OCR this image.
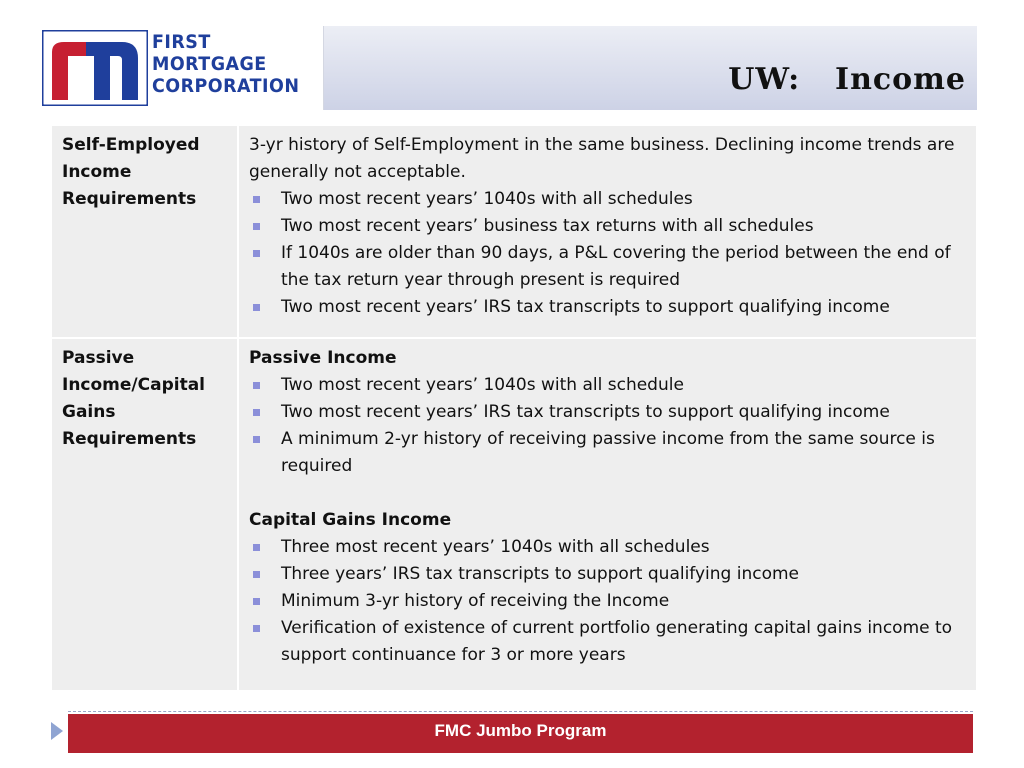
FIRST
MORTGAGE
CORPORATION	UW:  Income
Self-Employed Income Requirements

3-yr history of Self-Employment in the same business. Declining income trends are generally not acceptable.

Two most recent years’ 1040s with all schedules
Two most recent years’ business tax returns with all schedules
If 1040s are older than 90 days, a P&L covering the period between the end of the tax return year through present is required
Two most recent years’ IRS tax transcripts to support qualifying income
Passive Income/Capital Gains Requirements

Passive Income

Two most recent years’ 1040s with all schedule
Two most recent years’ IRS tax transcripts to support qualifying income
A minimum 2-yr history of receiving passive income from the same source is required

Capital Gains Income

Three most recent years’ 1040s with all schedules
Three years’ IRS tax transcripts to support qualifying income
Minimum 3-yr history of receiving the Income
Verification of existence of current portfolio generating capital gains income to support continuance for 3 or more years
FMC Jumbo Program
